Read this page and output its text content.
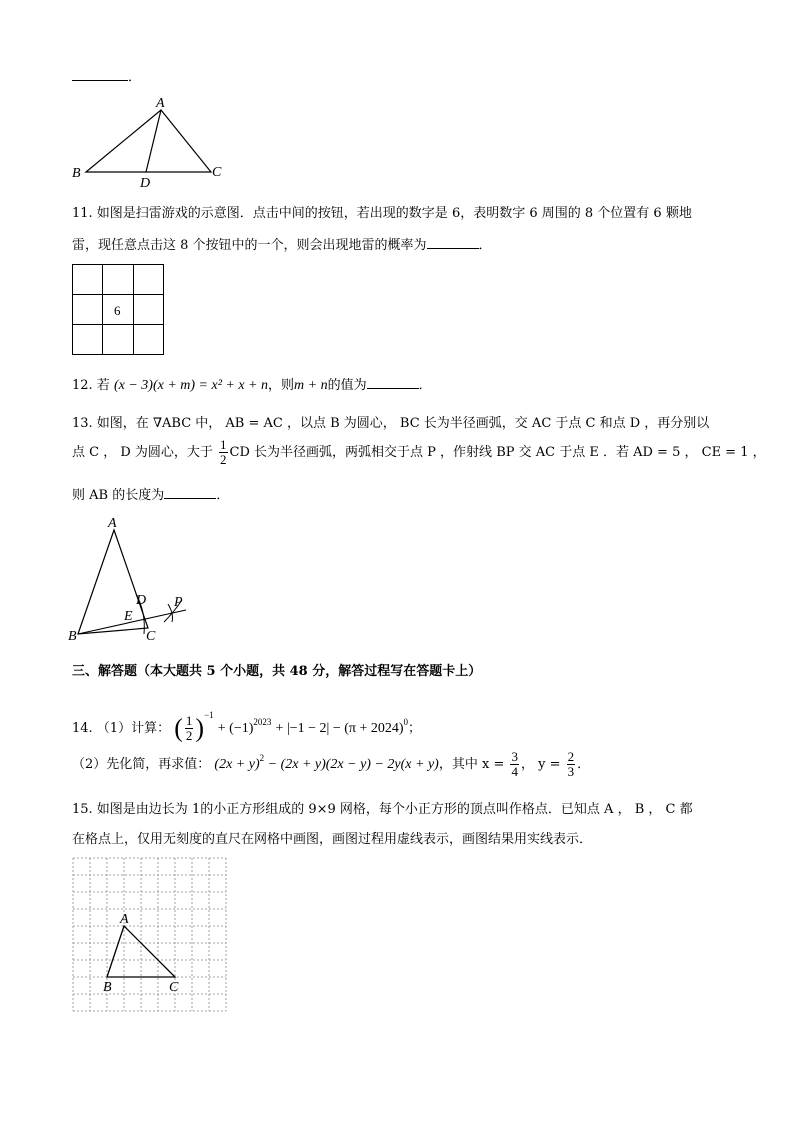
．
A
B	C
D
11. 如图是扫雷游戏的示意图．点击中间的按钮，若出现的数字是 6，表明数字 6 周围的 8 个位置有 6 颗地
雷，现任意点击这 8 个按钮中的一个，则会出现地雷的概率为	．
6
12. 若 (x − 3)(x + m) = x² + x + n，则m + n的值为	．
13. 如图，在 ∇ABC 中， AB = AC ，以点 B 为圆心， BC 长为半径画弧，交 AC 于点 C 和点 D ，再分别以
点 C ， D 为圆心，大于 $\frac{1}{2}$ CD 长为半径画弧，两弧相交于点 P ，作射线 BP 交 AC 于点 E ．若 AD = 5 ， CE = 1 ，
则 AB 的长度为	．
A
B	C
D
E
P
三、解答题（本大题共 5 个小题，共 48 分，解答过程写在答题卡上）
14. （1）计算： ( $\frac{1}{2} )^{-1} + (-1)^{2023} + |-1 - 2| - (\pi + 2024)^0$；
（2）先化简，再求值： $(2x + y)^2 - (2x + y)(2x - y) - 2y(x + y)$，其中 $x = \frac{3}{4}$ ， $y = \frac{2}{3}$ ．
15. 如图是由边长为 1的小正方形组成的 9×9 网格，每个小正方形的顶点叫作格点．已知点 A ， B ， C 都
在格点上，仅用无刻度的直尺在网格中画图，画图过程用虚线表示，画图结果用实线表示．
A
B	C
